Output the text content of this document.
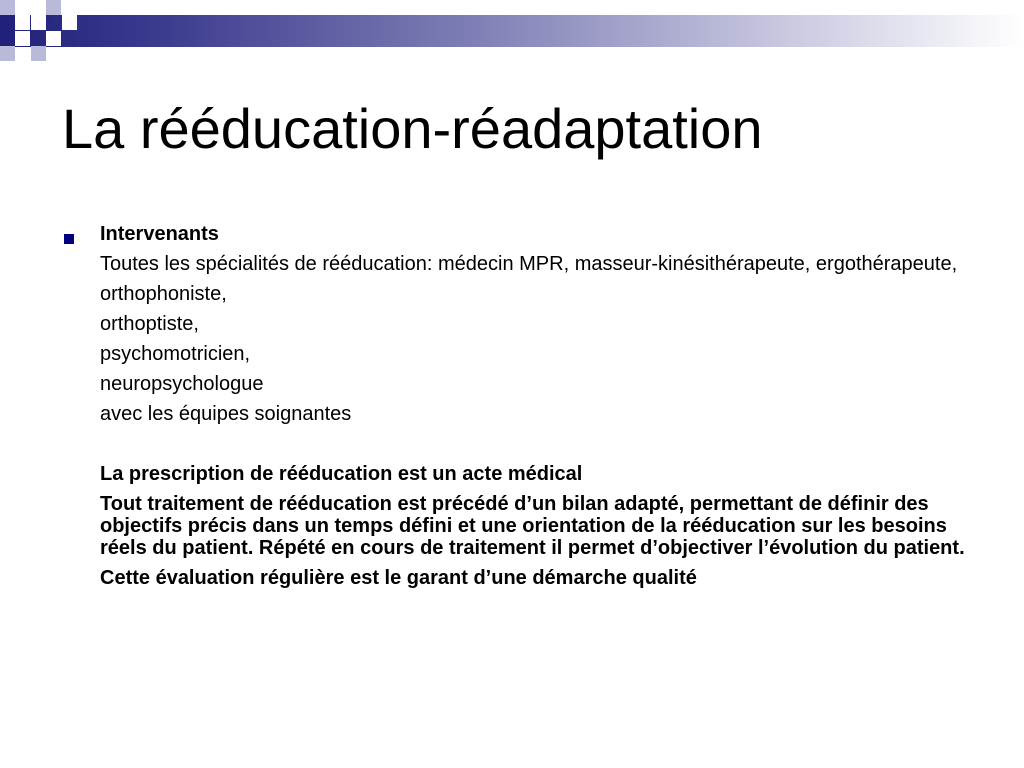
La rééducation-réadaptation

Intervenants

Toutes les spécialités de rééducation: médecin MPR, masseur-kinésithérapeute, ergothérapeute,

orthophoniste,

orthoptiste,

psychomotricien,

neuropsychologue

avec les équipes soignantes

La prescription de rééducation est un acte médical

Tout traitement de rééducation est précédé d’un bilan adapté, permettant de définir des objectifs précis dans un temps défini et une orientation de la rééducation sur les besoins réels du patient. Répété en cours de traitement il permet d’objectiver l’évolution du patient.

Cette évaluation régulière est le garant d’une démarche qualité
